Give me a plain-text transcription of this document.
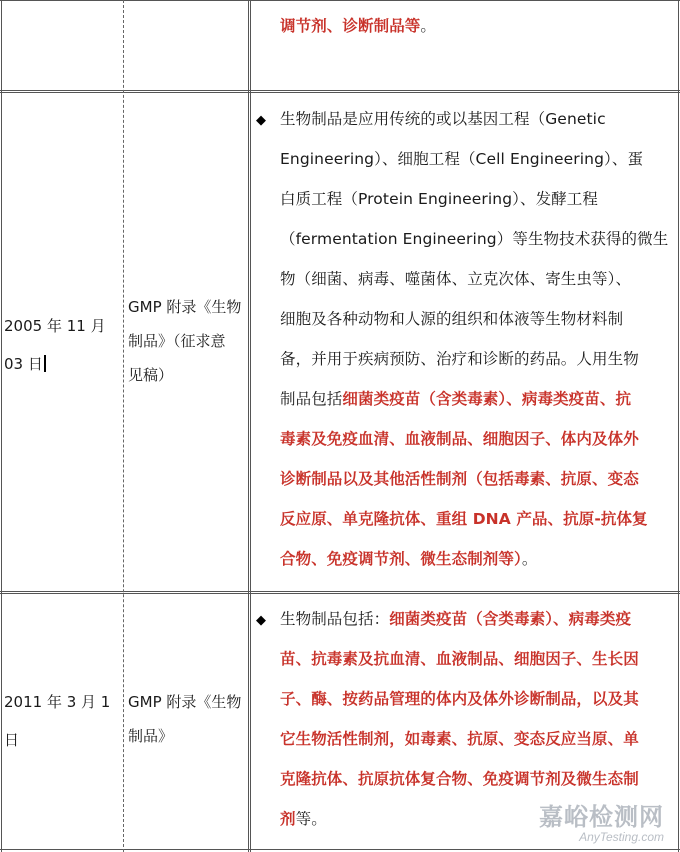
调节剂、诊断制品等。
2005 年 11 月
03 日
GMP 附录《生物
制品》（征求意
见稿）
◆ 生物制品是应用传统的或以基因工程（Genetic
Engineering）、细胞工程（Cell Engineering）、蛋
白质工程（Protein Engineering）、发酵工程
（fermentation Engineering）等生物技术获得的微生
物（细菌、病毒、噬菌体、立克次体、寄生虫等）、
细胞及各种动物和人源的组织和体液等生物材料制
备，并用于疾病预防、治疗和诊断的药品。人用生物
制品包括细菌类疫苗（含类毒素）、病毒类疫苗、抗
毒素及免疫血清、血液制品、细胞因子、体内及体外
诊断制品以及其他活性制剂（包括毒素、抗原、变态
反应原、单克隆抗体、重组 DNA 产品、抗原-抗体复
合物、免疫调节剂、微生态制剂等）。
2011 年 3 月 1
日
GMP 附录《生物
制品》
◆ 生物制品包括：细菌类疫苗（含类毒素）、病毒类疫
苗、抗毒素及抗血清、血液制品、细胞因子、生长因
子、酶、按药品管理的体内及体外诊断制品，以及其
它生物活性制剂，如毒素、抗原、变态反应当原、单
克隆抗体、抗原抗体复合物、免疫调节剂及微生态制
剂等。	嘉峪检测网
AnyTesting.com
